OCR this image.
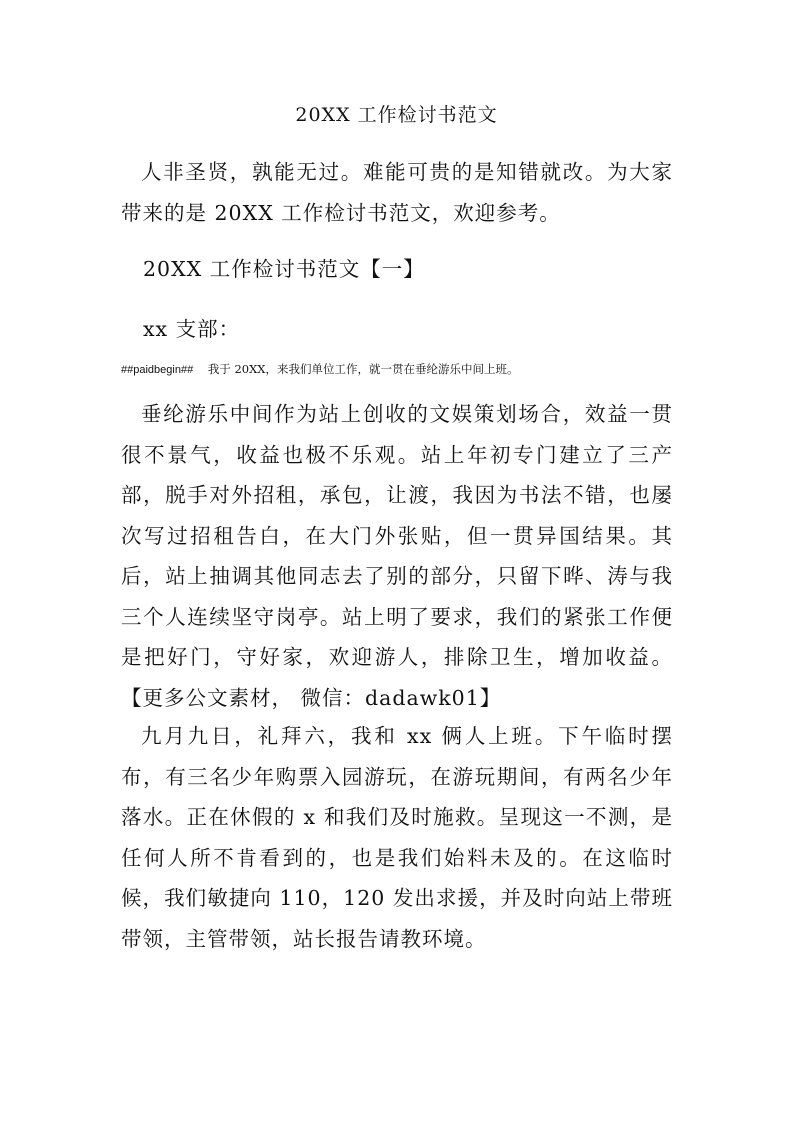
20XX 工作检讨书范文

人非圣贤，孰能无过。难能可贵的是知错就改。为大家带来的是 20XX 工作检讨书范文，欢迎参考。

20XX 工作检讨书范文【一】
xx 支部：
##paidbegin## 我于 20XX，来我们单位工作，就一贯在垂纶游乐中间上班。

垂纶游乐中间作为站上创收的文娱策划场合，效益一贯很不景气，收益也极不乐观。站上年初专门建立了三产部，脱手对外招租，承包，让渡，我因为书法不错，也屡次写过招租告白，在大门外张贴，但一贯异国结果。其后，站上抽调其他同志去了别的部分，只留下晔、涛与我三个人连续坚守岗亭。站上明了要求，我们的紧张工作便是把好门，守好家，欢迎游人，排除卫生，增加收益。 【更多公文素材， 微信：dadawk01】

九月九日，礼拜六，我和 xx 俩人上班。下午临时摆布，有三名少年购票入园游玩，在游玩期间，有两名少年落水。正在休假的 x 和我们及时施救。呈现这一不测，是任何人所不肯看到的，也是我们始料未及的。在这临时候，我们敏捷向 110，120 发出求援，并及时向站上带班带领，主管带领，站长报告请教环境。
